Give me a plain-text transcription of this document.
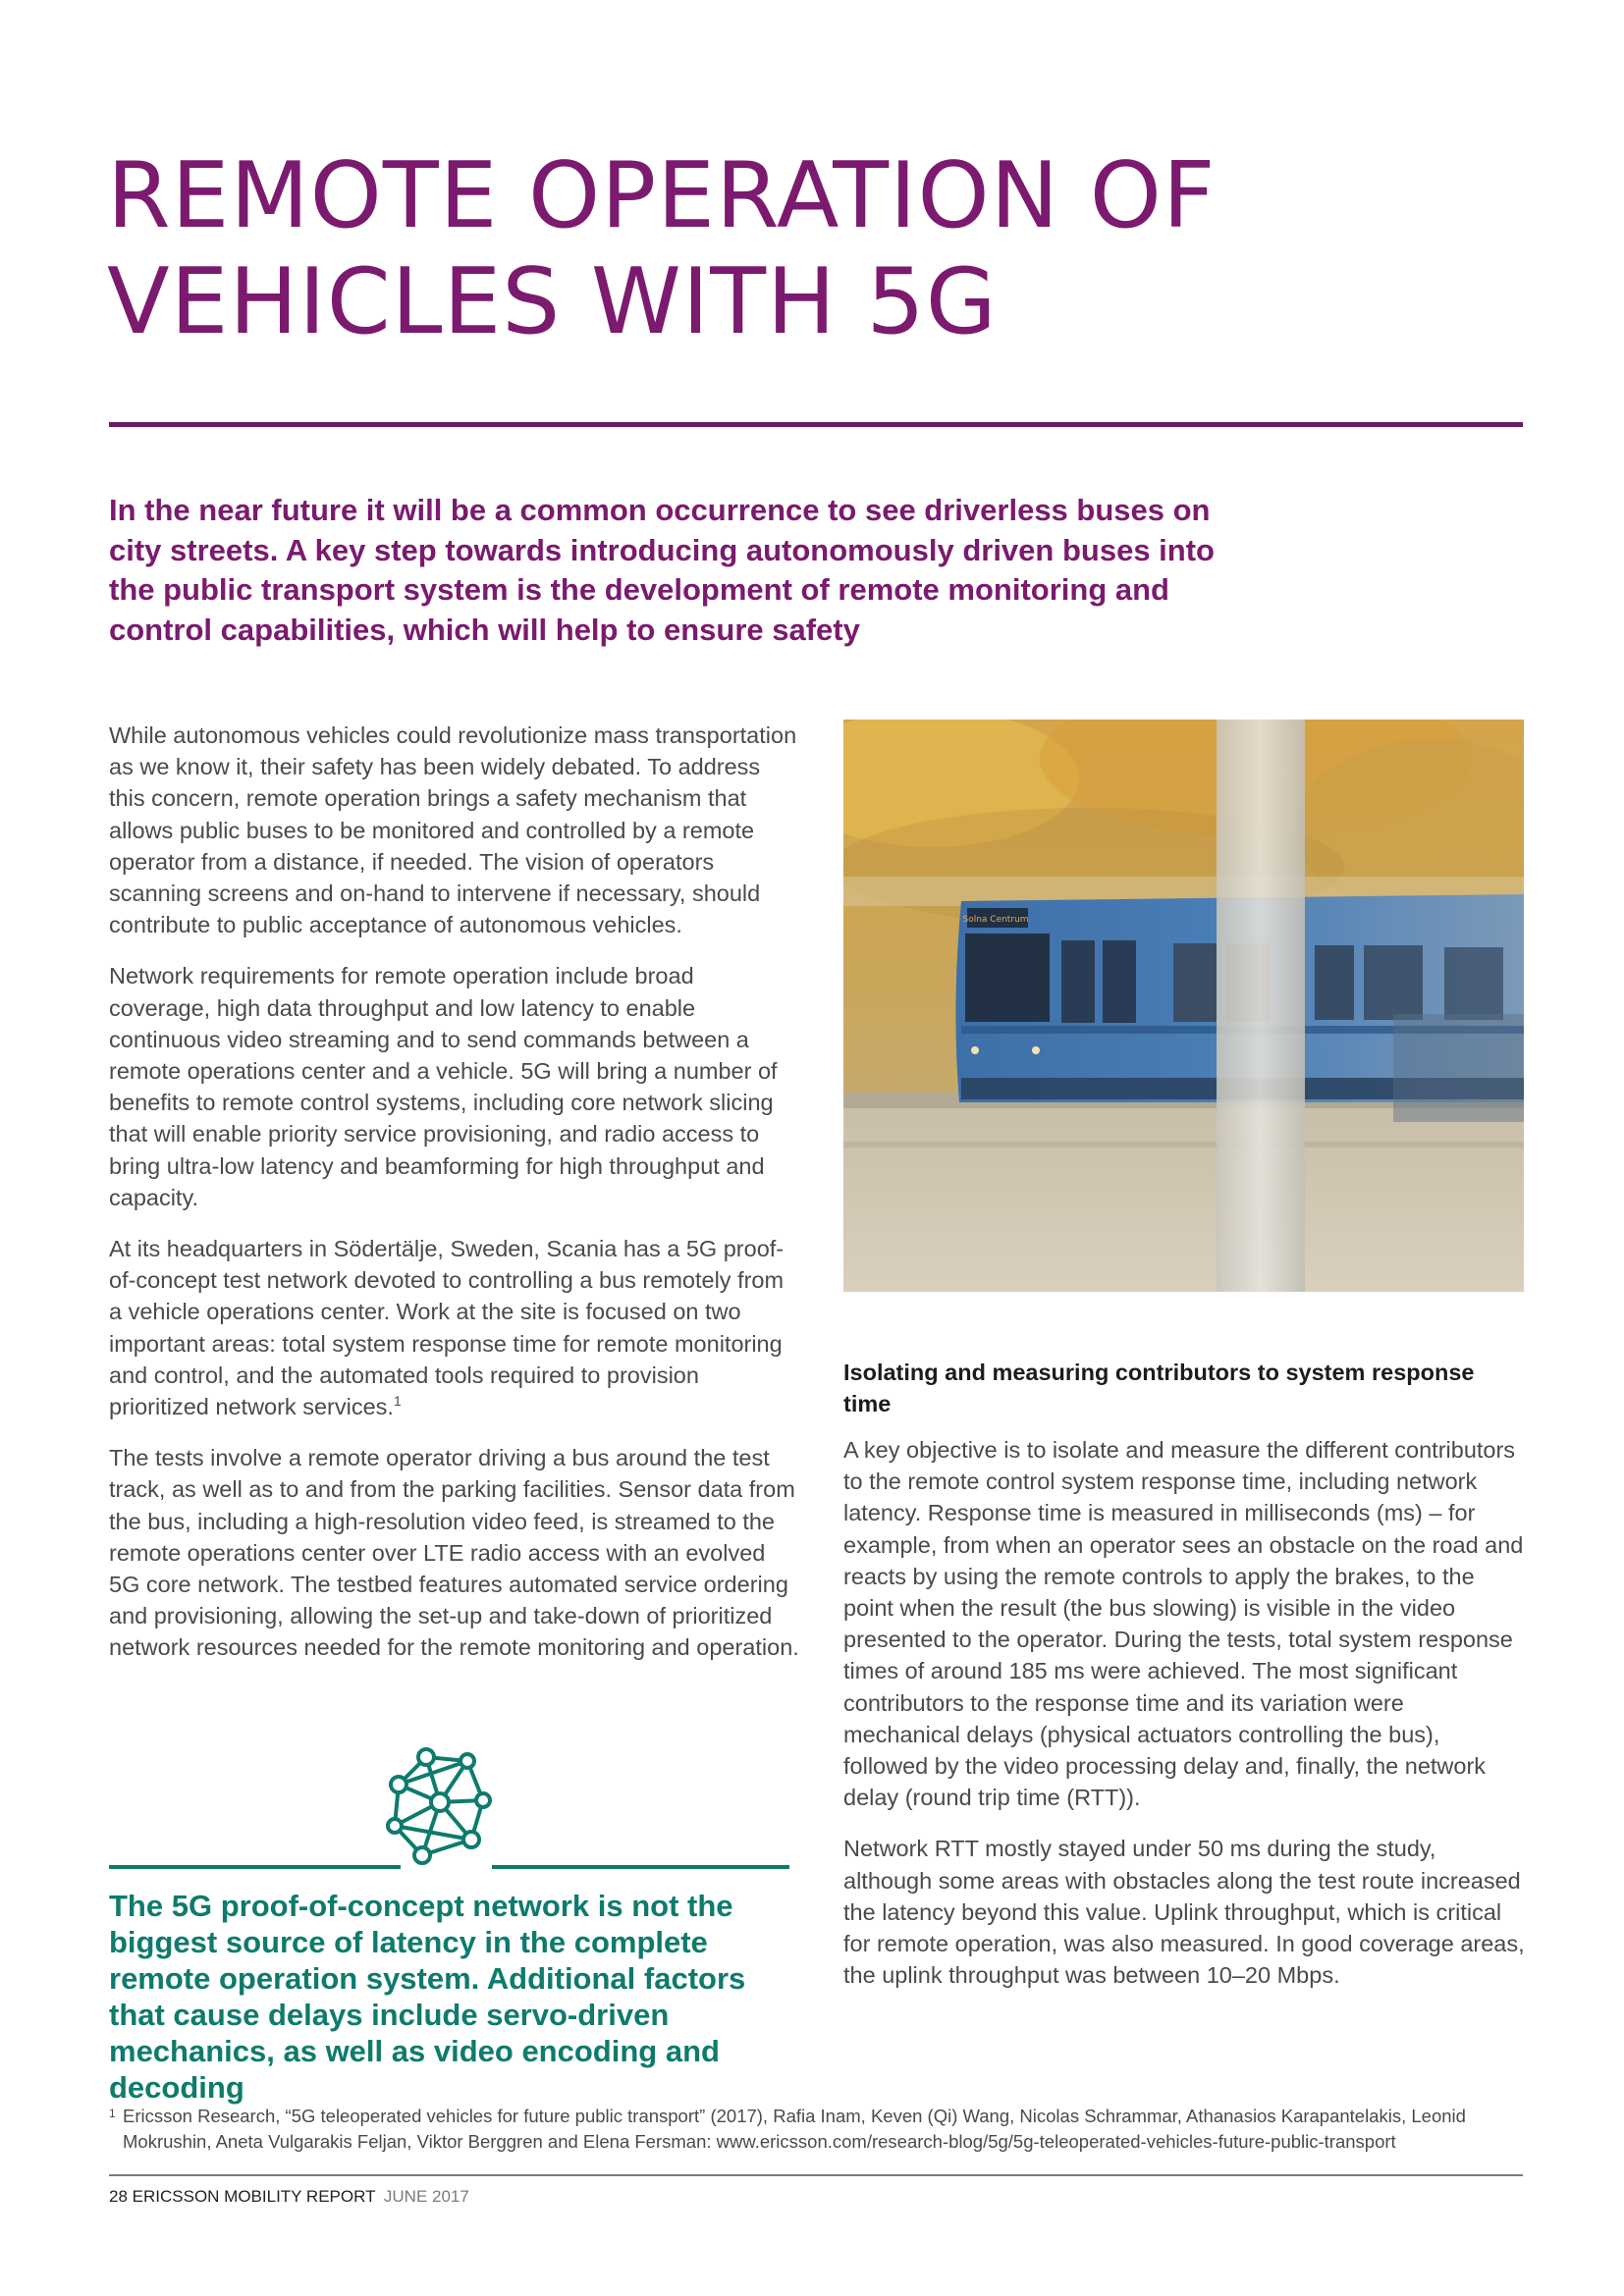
REMOTE OPERATION OF
VEHICLES WITH 5G

In the near future it will be a common occurrence to see driverless buses on city streets. A key step towards introducing autonomously driven buses into the public transport system is the development of remote monitoring and control capabilities, which will help to ensure safety

While autonomous vehicles could revolutionize mass transportation as we know it, their safety has been widely debated. To address this concern, remote operation brings a safety mechanism that allows public buses to be monitored and controlled by a remote operator from a distance, if needed. The vision of operators scanning screens and on-hand to intervene if necessary, should contribute to public acceptance of autonomous vehicles.

Network requirements for remote operation include broad coverage, high data throughput and low latency to enable continuous video streaming and to send commands between a remote operations center and a vehicle. 5G will bring a number of benefits to remote control systems, including core network slicing that will enable priority service provisioning, and radio access to bring ultra-low latency and beamforming for high throughput and capacity.

At its headquarters in Södertälje, Sweden, Scania has a 5G proof-of-concept test network devoted to controlling a bus remotely from a vehicle operations center. Work at the site is focused on two important areas: total system response time for remote monitoring and control, and the automated tools required to provision prioritized network services.$^1$

The tests involve a remote operator driving a bus around the test track, as well as to and from the parking facilities. Sensor data from the bus, including a high-resolution video feed, is streamed to the remote operations center over LTE radio access with an evolved 5G core network. The testbed features automated service ordering and provisioning, allowing the set-up and take-down of prioritized network resources needed for the remote monitoring and operation.

Solna Centrum

Isolating and measuring contributors to system response time

A key objective is to isolate and measure the different contributors to the remote control system response time, including network latency. Response time is measured in milliseconds (ms) – for example, from when an operator sees an obstacle on the road and reacts by using the remote controls to apply the brakes, to the point when the result (the bus slowing) is visible in the video presented to the operator. During the tests, total system response times of around 185 ms were achieved. The most significant contributors to the response time and its variation were mechanical delays (physical actuators controlling the bus), followed by the video processing delay and, finally, the network delay (round trip time (RTT)).

Network RTT mostly stayed under 50 ms during the study, although some areas with obstacles along the test route increased the latency beyond this value. Uplink throughput, which is critical for remote operation, was also measured. In good coverage areas, the uplink throughput was between 10–20 Mbps.

The 5G proof-of-concept network is not the biggest source of latency in the complete remote operation system. Additional factors that cause delays include servo-driven mechanics, as well as video encoding and decoding

1 Ericsson Research, “5G teleoperated vehicles for future public transport” (2017), Rafia Inam, Keven (Qi) Wang, Nicolas Schrammar, Athanasios Karapantelakis, Leonid Mokrushin, Aneta Vulgarakis Feljan, Viktor Berggren and Elena Fersman: www.ericsson.com/research-blog/5g/5g-teleoperated-vehicles-future-public-transport

28 ERICSSON MOBILITY REPORT JUNE 2017
